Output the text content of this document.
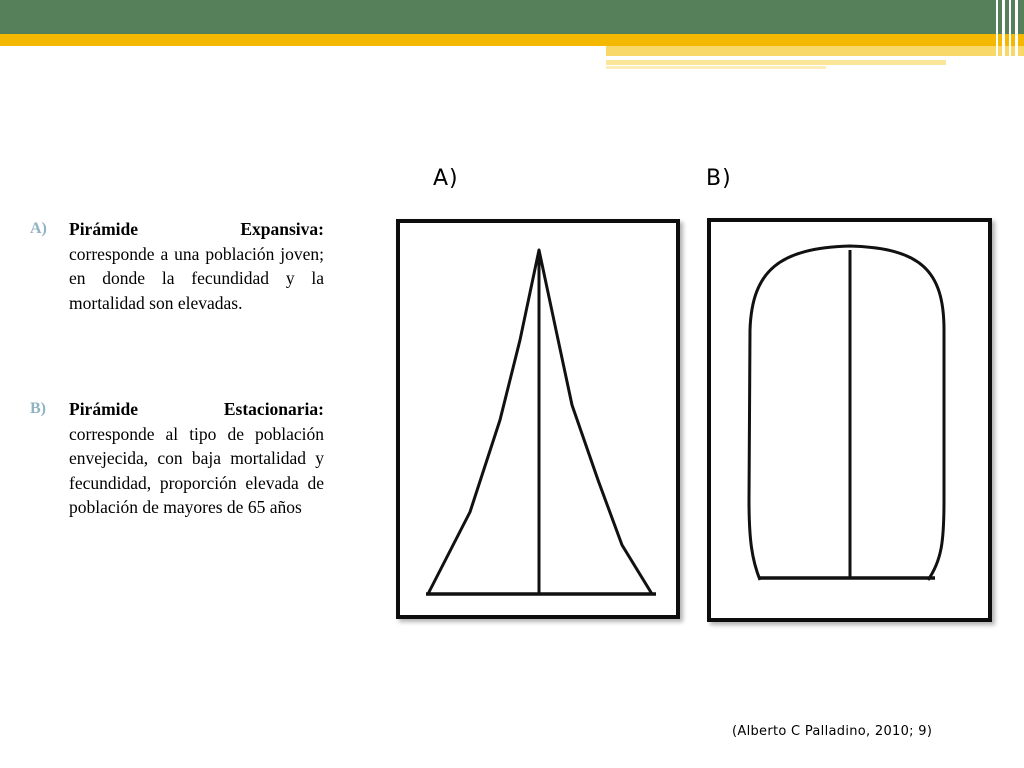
A)	B)
A) Pirámide Expansiva:
corresponde a una población joven; en donde la fecundidad y la mortalidad son elevadas.
B) Pirámide Estacionaria:
corresponde al tipo de población envejecida, con baja mortalidad y fecundidad, proporción elevada de población de mayores de 65 años
(Alberto C Palladino, 2010; 9)
